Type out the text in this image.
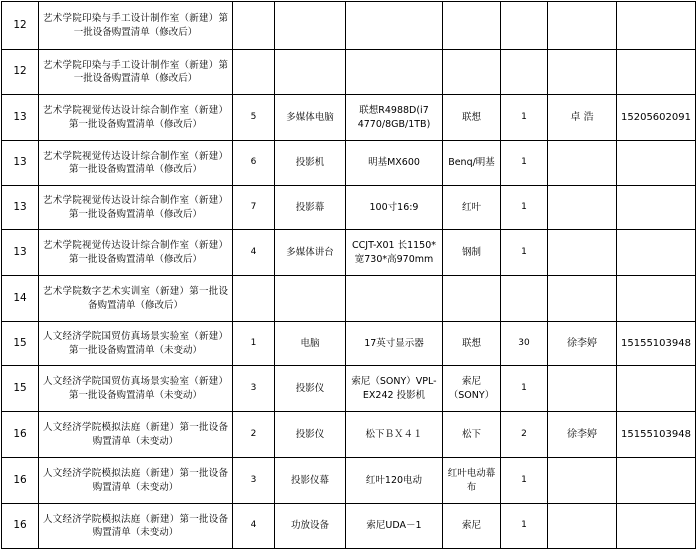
12	艺术学院印染与手工设计制作室（新建）第一批设备购置清单（修改后）							
12	艺术学院印染与手工设计制作室（新建）第一批设备购置清单（修改后）							
13	艺术学院视觉传达设计综合制作室（新建）第一批设备购置清单（修改后）	5	多媒体电脑	联想R4988D(i7 4770/8GB/1TB)	联想	1	卓 浩	15205602091
13	艺术学院视觉传达设计综合制作室（新建）第一批设备购置清单（修改后）	6	投影机	明基MX600	Benq/明基	1		
13	艺术学院视觉传达设计综合制作室（新建）第一批设备购置清单（修改后）	7	投影幕	100寸16:9	红叶	1		
13	艺术学院视觉传达设计综合制作室（新建）第一批设备购置清单（修改后）	4	多媒体讲台	CCJT-X01 长1150*宽730*高970mm	钢制	1		
14	艺术学院数字艺术实训室（新建）第一批设备购置清单（修改后）							
15	人文经济学院国贸仿真场景实验室（新建）第一批设备购置清单（未变动）	1	电脑	17英寸显示器	联想	30	徐李婷	15155103948
15	人文经济学院国贸仿真场景实验室（新建）第一批设备购置清单（未变动）	3	投影仪	索尼（SONY）VPL-EX242 投影机	索尼（SONY）	1		
16	人文经济学院模拟法庭（新建）第一批设备购置清单（未变动）	2	投影仪	松下ＢＸ４１	松下	2	徐李婷	15155103948
16	人文经济学院模拟法庭（新建）第一批设备购置清单（未变动）	3	投影仪幕	红叶120电动	红叶电动幕布	1		
16	人文经济学院模拟法庭（新建）第一批设备购置清单（未变动）	4	功放设备	索尼UDA－1	索尼	1		
